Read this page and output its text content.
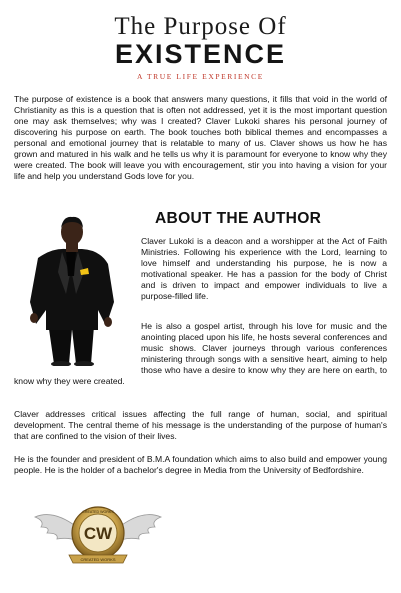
The Purpose Of
EXISTENCE
A TRUE LIFE EXPERIENCE

The purpose of existence is a book that answers many questions, it fills that void in the world of Christianity as this is a question that is often not addressed, yet it is the most important question one may ask themselves; why was I created? Claver Lukoki shares his personal journey of discovering his purpose on earth. The book touches both biblical themes and encompasses a personal and emotional journey that is relatable to many of us. Claver shows us how he has grown and matured in his walk and he tells us why it is paramount for everyone to know why they were created. The book will leave you with encouragement, stir you into having a vision for your life and help you understand Gods love for you.

ABOUT THE AUTHOR

Claver Lukoki is a deacon and a worshipper at the Act of Faith Ministries. Following his experience with the Lord, learning to love himself and understanding his purpose, he is now a motivational speaker. He has a passion for the body of Christ and is driven to impact and empower individuals to live a purpose-filled life.

He is also a gospel artist, through his love for music and the anointing placed upon his life, he hosts several conferences and music shows. Claver journeys through various conferences ministering through songs with a sensitive heart, aiming to help those who have a desire to know why they are here on earth, to know why they were created.

Claver addresses critical issues affecting the full range of human, social, and spiritual development. The central theme of his message is the understanding of the purpose of human's that are confined to the vision of their lives.

He is the founder and president of B.M.A foundation which aims to also build and empower young people. He is the holder of a bachelor's degree in Media from the University of Bedfordshire.

CW
CREATED WORKS
CREATED WORKS
